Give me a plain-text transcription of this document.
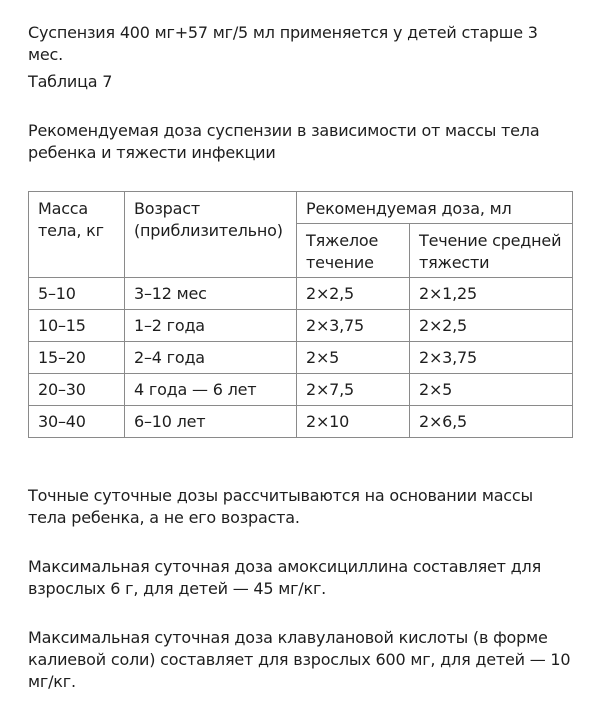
Суспензия 400 мг+57 мг/5 мл применяется у детей старше 3 мес.

Таблица 7

Рекомендуемая доза суспензии в зависимости от массы тела ребенка и тяжести инфекции

Масса тела, кг	Возраст (приблизительно)	Рекомендуемая доза, мл	
		Тяжелое течение	Течение средней тяжести
5–10	3–12 мес	2×2,5	2×1,25
10–15	1–2 года	2×3,75	2×2,5
15–20	2–4 года	2×5	2×3,75
20–30	4 года — 6 лет	2×7,5	2×5
30–40	6–10 лет	2×10	2×6,5

Точные суточные дозы рассчитываются на основании массы тела ребенка, а не его возраста.

Максимальная суточная доза амоксициллина составляет для взрослых 6 г, для детей — 45 мг/кг.

Максимальная суточная доза клавулановой кислоты (в форме калиевой соли) составляет для взрослых 600 мг, для детей — 10 мг/кг.
